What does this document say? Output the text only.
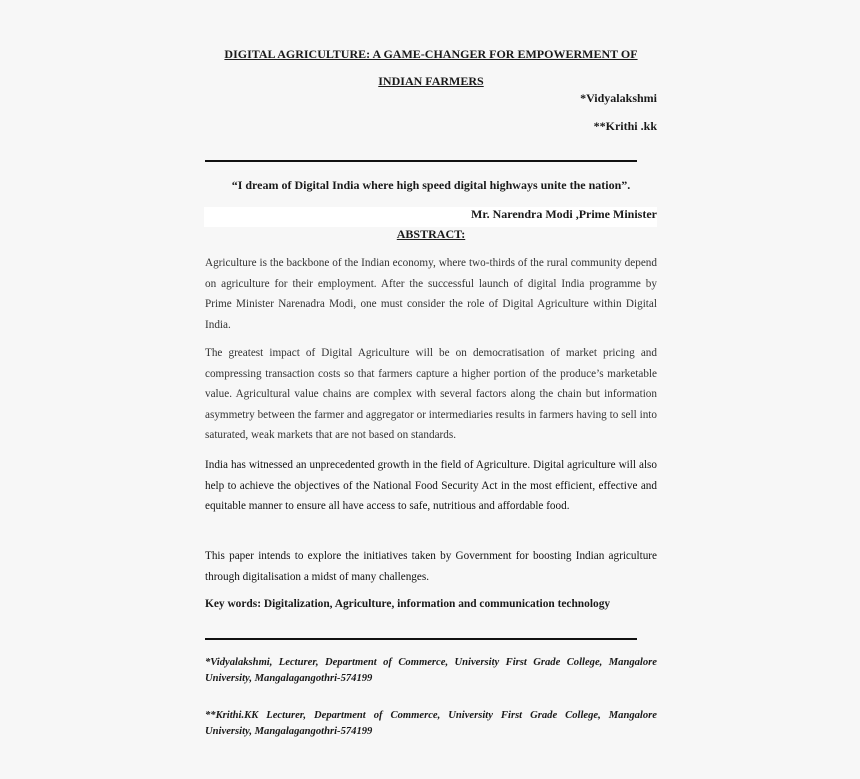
DIGITAL AGRICULTURE: A GAME-CHANGER FOR EMPOWERMENT OF INDIAN FARMERS
*Vidyalakshmi
**Krithi .kk
“I dream of Digital India where high speed digital highways unite the nation”.
Mr. Narendra Modi ,Prime Minister
ABSTRACT:
Agriculture is the backbone of the Indian economy, where two-thirds of the rural community depend on agriculture for their employment. After the successful launch of digital India programme by Prime Minister Narenadra Modi, one must consider the role of Digital Agriculture within Digital India.
The greatest impact of Digital Agriculture will be on democratisation of market pricing and compressing transaction costs so that farmers capture a higher portion of the produce’s marketable value. Agricultural value chains are complex with several factors along the chain but information asymmetry between the farmer and aggregator or intermediaries results in farmers having to sell into saturated, weak markets that are not based on standards.
India has witnessed an unprecedented growth in the field of Agriculture. Digital agriculture will also help to achieve the objectives of the National Food Security Act in the most efficient, effective and equitable manner to ensure all have access to safe, nutritious and affordable food.
This paper intends to explore the initiatives taken by Government for boosting Indian agriculture through digitalisation a midst of many challenges.
Key words: Digitalization, Agriculture, information and communication technology
*Vidyalakshmi, Lecturer, Department of Commerce, University First Grade College, Mangalore University, Mangalagangothri-574199
**Krithi.KK Lecturer, Department of Commerce, University First Grade College, Mangalore University, Mangalagangothri-574199
